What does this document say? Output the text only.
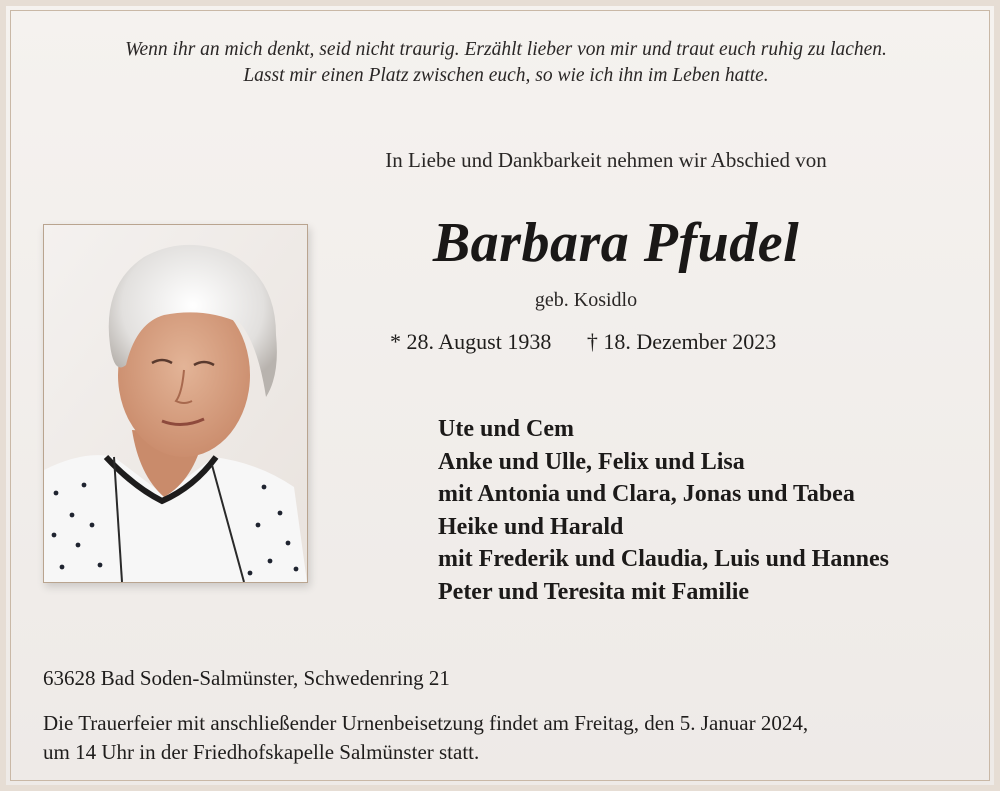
Wenn ihr an mich denkt, seid nicht traurig. Erzählt lieber von mir und traut euch ruhig zu lachen.
Lasst mir einen Platz zwischen euch, so wie ich ihn im Leben hatte.
In Liebe und Dankbarkeit nehmen wir Abschied von
Barbara Pfudel
geb. Kosidlo
* 28. August 1938 † 18. Dezember 2023
Ute und Cem
Anke und Ulle, Felix und Lisa
mit Antonia und Clara, Jonas und Tabea
Heike und Harald
mit Frederik und Claudia, Luis und Hannes
Peter und Teresita mit Familie
63628 Bad Soden-Salmünster, Schwedenring 21
Die Trauerfeier mit anschließender Urnenbeisetzung findet am Freitag, den 5. Januar 2024,
um 14 Uhr in der Friedhofskapelle Salmünster statt.
